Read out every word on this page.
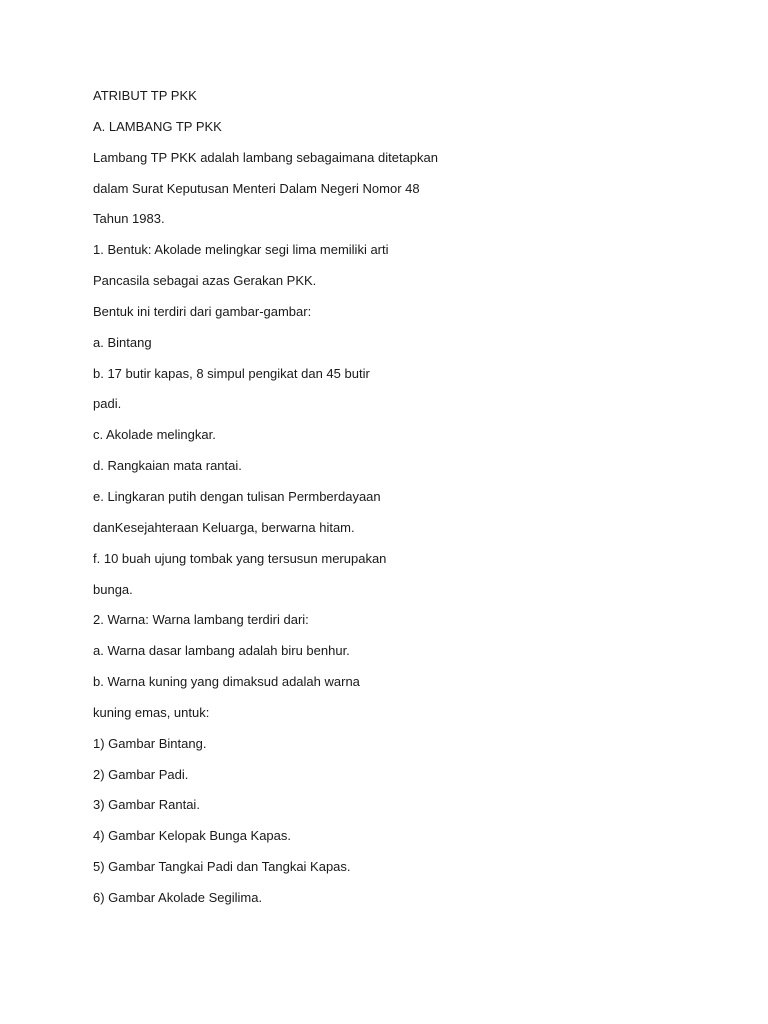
ATRIBUT TP PKK
A. LAMBANG TP PKK
Lambang TP PKK adalah lambang sebagaimana ditetapkan
dalam Surat Keputusan Menteri Dalam Negeri Nomor 48
Tahun 1983.
1. Bentuk: Akolade melingkar segi lima memiliki arti
Pancasila sebagai azas Gerakan PKK.
Bentuk ini terdiri dari gambar-gambar:
a. Bintang
b. 17 butir kapas, 8 simpul pengikat dan 45 butir
padi.
c. Akolade melingkar.
d. Rangkaian mata rantai.
e. Lingkaran putih dengan tulisan Permberdayaan
danKesejahteraan Keluarga, berwarna hitam.
f. 10 buah ujung tombak yang tersusun merupakan
bunga.
2. Warna: Warna lambang terdiri dari:
a. Warna dasar lambang adalah biru benhur.
b. Warna kuning yang dimaksud adalah warna
kuning emas, untuk:
1) Gambar Bintang.
2) Gambar Padi.
3) Gambar Rantai.
4) Gambar Kelopak Bunga Kapas.
5) Gambar Tangkai Padi dan Tangkai Kapas.
6) Gambar Akolade Segilima.
